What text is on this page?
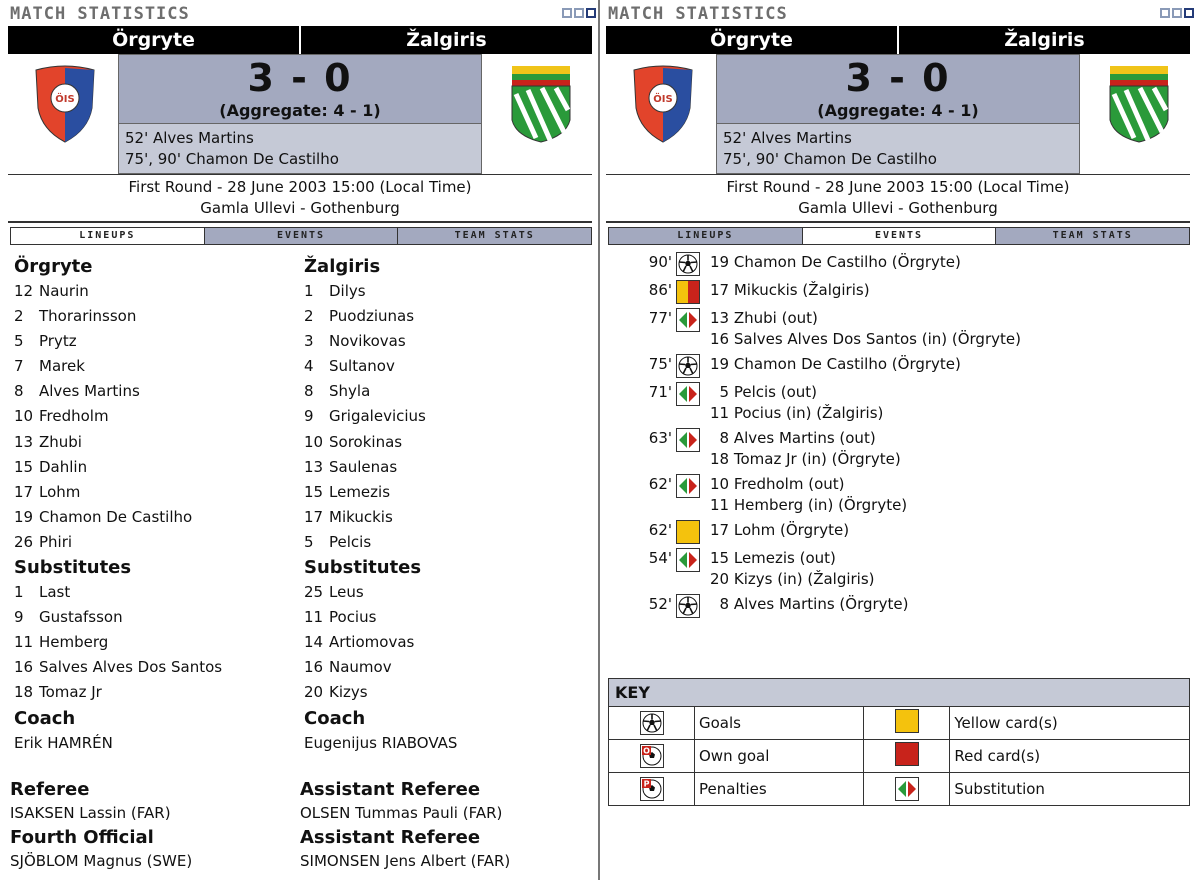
MATCH STATISTICS
Örgryte	Žalgiris
ÖIS	3 - 0
(Aggregate: 4 - 1)
52' Alves Martins
75', 90' Chamon De Castilho
First Round - 28 June 2003 15:00 (Local Time)
Gamla Ullevi - Gothenburg
LINEUPS	EVENTS	TEAM STATS
Örgryte
12 Naurin
2	Thorarinsson
5	Prytz
7	Marek
8	Alves Martins
10 Fredholm
13 Zhubi
15 Dahlin
17 Lohm
19 Chamon De Castilho
26 Phiri
Substitutes
1	Last
9	Gustafsson
11 Hemberg
16 Salves Alves Dos Santos
18 Tomaz Jr
Coach
Erik HAMRÉN
Žalgiris
1	Dilys
2	Puodziunas
3	Novikovas
4	Sultanov
8	Shyla
9	Grigalevicius
10 Sorokinas
13 Saulenas
15 Lemezis
17 Mikuckis
5	Pelcis
Substitutes
25 Leus
11 Pocius
14 Artiomovas
16 Naumov
20 Kizys
Coach
Eugenijus RIABOVAS
Referee
ISAKSEN Lassin (FAR)
Fourth Official
SJÖBLOM Magnus (SWE)
Assistant Referee
OLSEN Tummas Pauli (FAR)
Assistant Referee
SIMONSEN Jens Albert (FAR)
MATCH STATISTICS
Örgryte	Žalgiris
ÖIS	3 - 0
(Aggregate: 4 - 1)
52' Alves Martins
75', 90' Chamon De Castilho
First Round - 28 June 2003 15:00 (Local Time)
Gamla Ullevi - Gothenburg
LINEUPS	EVENTS	TEAM STATS
90'	19 Chamon De Castilho (Örgryte)
86'	17 Mikuckis (Žalgiris)
77'	13 Zhubi (out)
16 Salves Alves Dos Santos (in) (Örgryte)
75'	19 Chamon De Castilho (Örgryte)
71'	5 Pelcis (out)
11 Pocius (in) (Žalgiris)
63'	8 Alves Martins (out)
18 Tomaz Jr (in) (Örgryte)
62'	10 Fredholm (out)
11 Hemberg (in) (Örgryte)
62'	17 Lohm (Örgryte)
54'	15 Lemezis (out)
20 Kizys (in) (Žalgiris)
52'	8 Alves Martins (Örgryte)
KEY			
	Goals		Yellow card(s)

O	Own goal		Red card(s)

P	Penalties		Substitution
